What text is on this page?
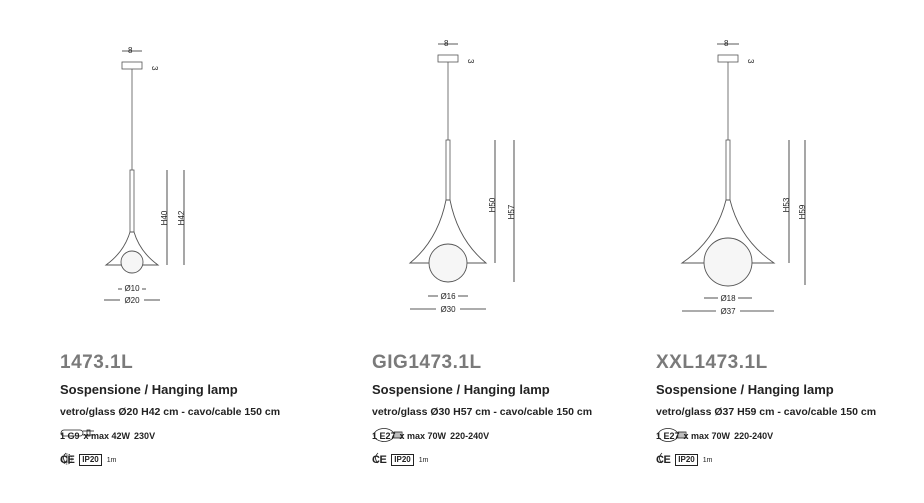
8
3
H40 H42
Ø10
Ø20
1473.1L
Sospensione / Hanging lamp
vetro/glass Ø20 H42 cm - cavo/cable 150 cm
1 G9 x max 42W 230V
CE	IP20	1m
8
3
H50 H57
Ø16
Ø30
GIG1473.1L
Sospensione / Hanging lamp
vetro/glass Ø30 H57 cm - cavo/cable 150 cm
1 E27 x max 70W 220-240V
CE	IP20	1m
8
3
H53 H59
Ø18
Ø37
XXL1473.1L
Sospensione / Hanging lamp
vetro/glass Ø37 H59 cm - cavo/cable 150 cm
1 E27 x max 70W 220-240V
CE	IP20	1m
